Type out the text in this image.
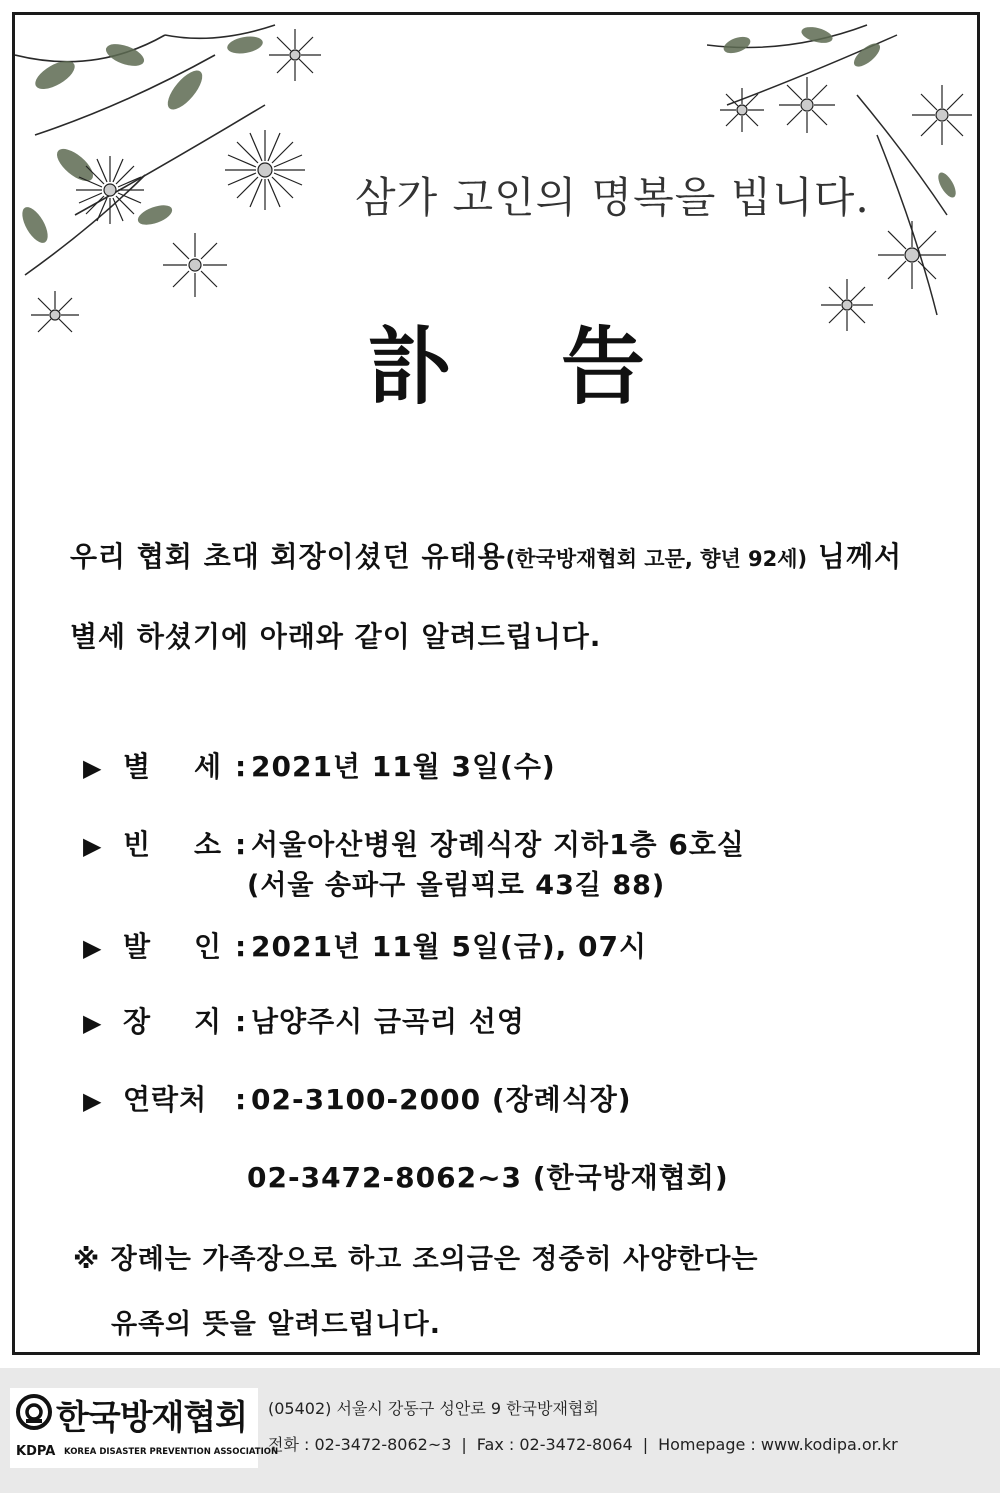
삼가 고인의 명복을 빕니다.
訃告
우리 협회 초대 회장이셨던 유태용(한국방재협회 고문, 향년 92세) 님께서
별세 하셨기에 아래와 같이 알려드립니다.
▶ 별    세 : 2021년 11월 3일(수)
▶ 빈    소 : 서울아산병원 장례식장 지하1층 6호실
(서울 송파구 올림픽로 43길 88)
▶ 발    인 : 2021년 11월 5일(금), 07시
▶ 장    지 : 남양주시 금곡리 선영
▶ 연락처 : 02-3100-2000 (장례식장)
02-3472-8062~3 (한국방재협회)
※ 장례는 가족장으로 하고 조의금은 정중히 사양한다는
유족의 뜻을 알려드립니다.
한국방재협회
KDPA KOREA DISASTER PREVENTION ASSOCIATION
(05402) 서울시 강동구 성안로 9 한국방재협회
전화 : 02-3472-8062~3 | Fax : 02-3472-8064 | Homepage : www.kodipa.or.kr
